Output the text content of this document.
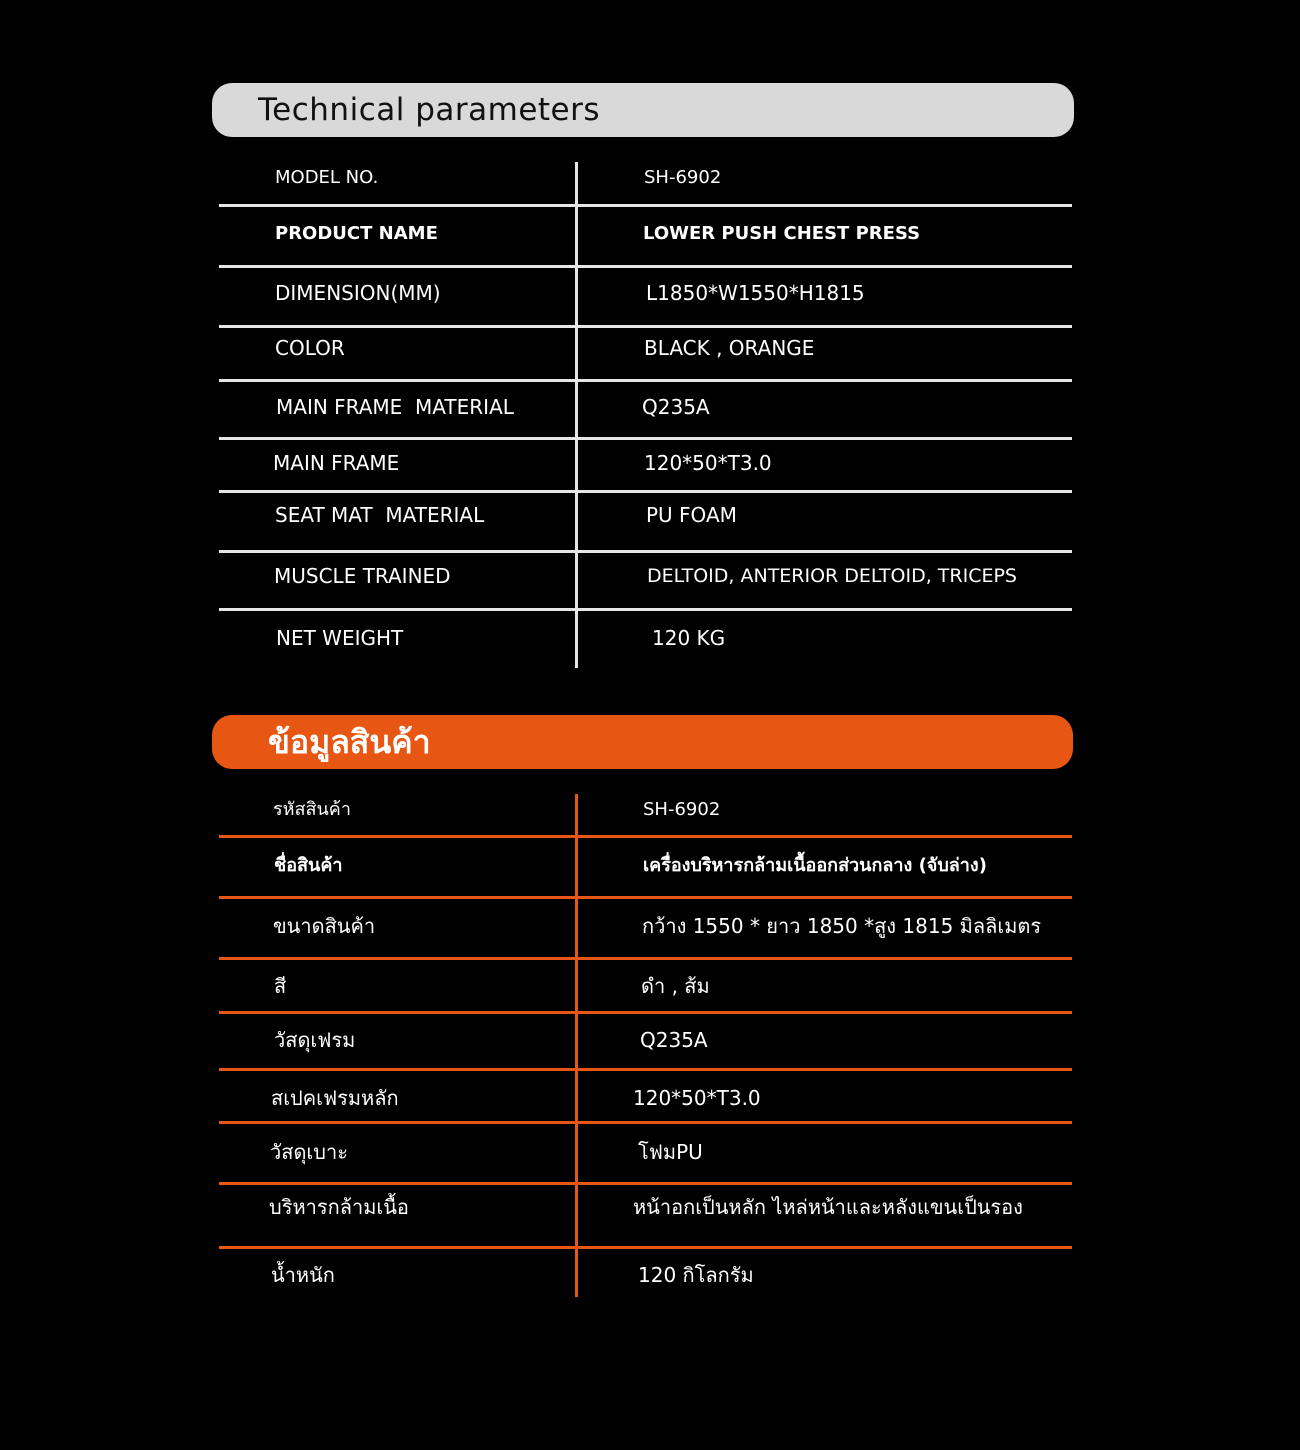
Technical parameters
MODEL NO.	SH-6902
PRODUCT NAME	LOWER PUSH CHEST PRESS
DIMENSION(MM)	L1850*W1550*H1815
COLOR	BLACK , ORANGE
MAIN FRAME  MATERIAL	Q235A
MAIN FRAME	120*50*T3.0
SEAT MAT  MATERIAL	PU FOAM
MUSCLE TRAINED	DELTOID, ANTERIOR DELTOID, TRICEPS
NET WEIGHT	120 KG
ข้อมูลสินค้า
รหัสสินค้า	SH-6902
ชื่อสินค้า	เครื่องบริหารกล้ามเนื้ออกส่วนกลาง (จับล่าง)
ขนาดสินค้า	กว้าง 1550 * ยาว 1850 *สูง 1815 มิลลิเมตร
สี	ดำ , ส้ม
วัสดุเฟรม	Q235A
สเปคเฟรมหลัก	120*50*T3.0
วัสดุเบาะ	โฟมPU
บริหารกล้ามเนื้อ	หน้าอกเป็นหลัก ไหล่หน้าและหลังแขนเป็นรอง
น้ำหนัก	120 กิโลกรัม
